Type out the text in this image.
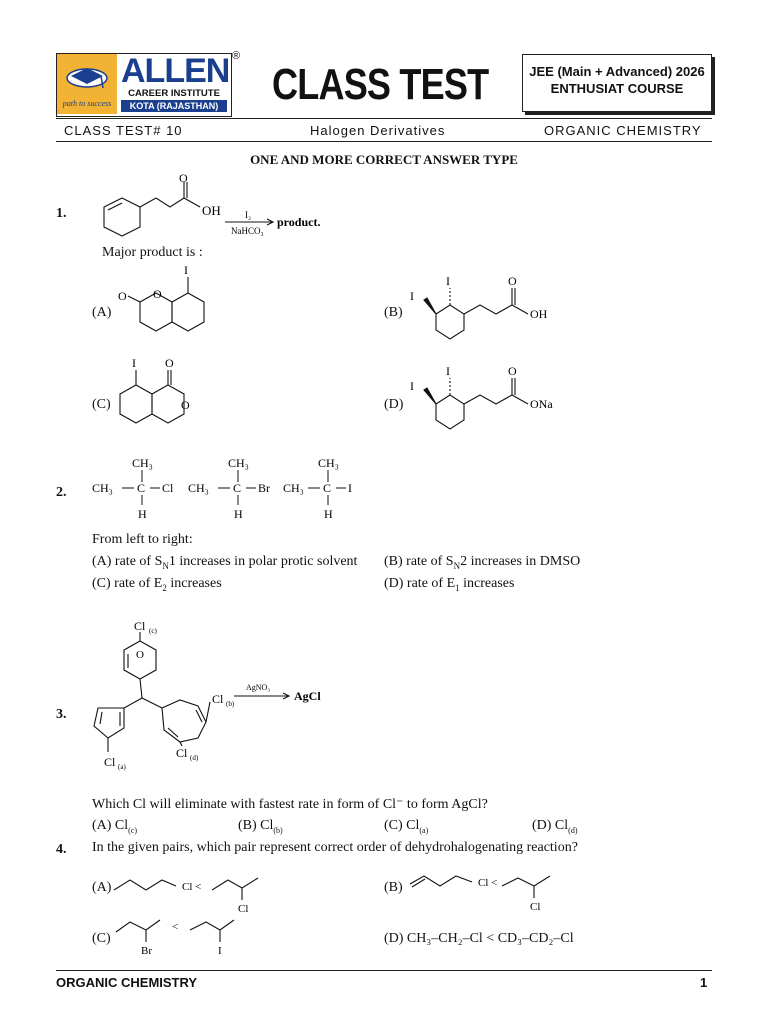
path to success
ALLEN
CAREER INSTITUTE
KOTA (RAJASTHAN)
®
CLASS TEST	JEE (Main + Advanced) 2026
ENTHUSIAT COURSE
CLASS TEST# 10	Halogen Derivatives	ORGANIC CHEMISTRY
ONE AND MORE CORRECT ANSWER TYPE
1.
O
OH	I₂
NaHCO₃
product.
Major product is :
(A)	(B)
(C)	(D)
I
O O
I
I
O
OH
I O
O
I
I
O
ONa
2.
CH₃
CH₃ C Cl
H
CH₃
CH₃ C Br
H
CH₃
CH₃ C I
H
From left to right:
(A) rate of $S_N1$ increases in polar protic solvent (B) rate of $S_N2$ increases in DMSO
(C) rate of $E_2$ increases	(D) rate of $E_1$ increases
3.
Cl (c)
O
Cl (b)
Cl (d)
Cl (a)
AgNO₃
AgCl
Which Cl will eliminate with fastest rate in form of Cl⁻ to form AgCl?
(A) $Cl_{(c)}$	(B) $Cl_{(b)}$	(C) $Cl_{(a)}$	(D) $Cl_{(d)}$
4. In the given pairs, which pair represent correct order of dehydrohalogenating reaction?
(A)	(B)
(C)	(D) CH₃–CH₂–Cl < CD₃–CD₂–Cl
Cl <
Cl
Cl <
Cl
Br
<
I
ORGANIC CHEMISTRY	1
